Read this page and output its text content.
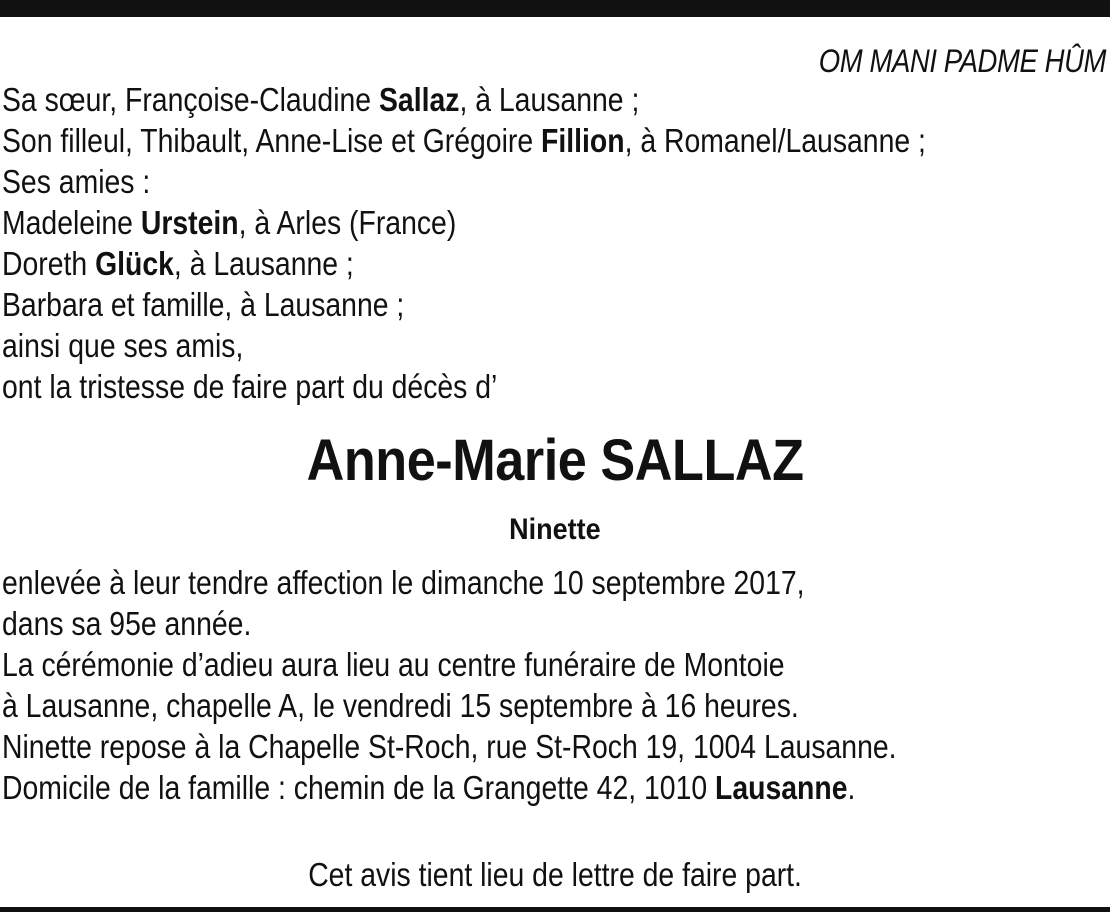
OM MANI PADME HÛM
Sa sœur, Françoise-Claudine Sallaz, à Lausanne ;
Son filleul, Thibault, Anne-Lise et Grégoire Fillion, à Romanel/Lausanne ;
Ses amies :
Madeleine Urstein, à Arles (France)
Doreth Glück, à Lausanne ;
Barbara et famille, à Lausanne ;
ainsi que ses amis,
ont la tristesse de faire part du décès d’
Anne-Marie SALLAZ
Ninette
enlevée à leur tendre affection le dimanche 10 septembre 2017,
dans sa 95e année.
La cérémonie d’adieu aura lieu au centre funéraire de Montoie
à Lausanne, chapelle A, le vendredi 15 septembre à 16 heures.
Ninette repose à la Chapelle St-Roch, rue St-Roch 19, 1004 Lausanne.
Domicile de la famille : chemin de la Grangette 42, 1010 Lausanne.
Cet avis tient lieu de lettre de faire part.
